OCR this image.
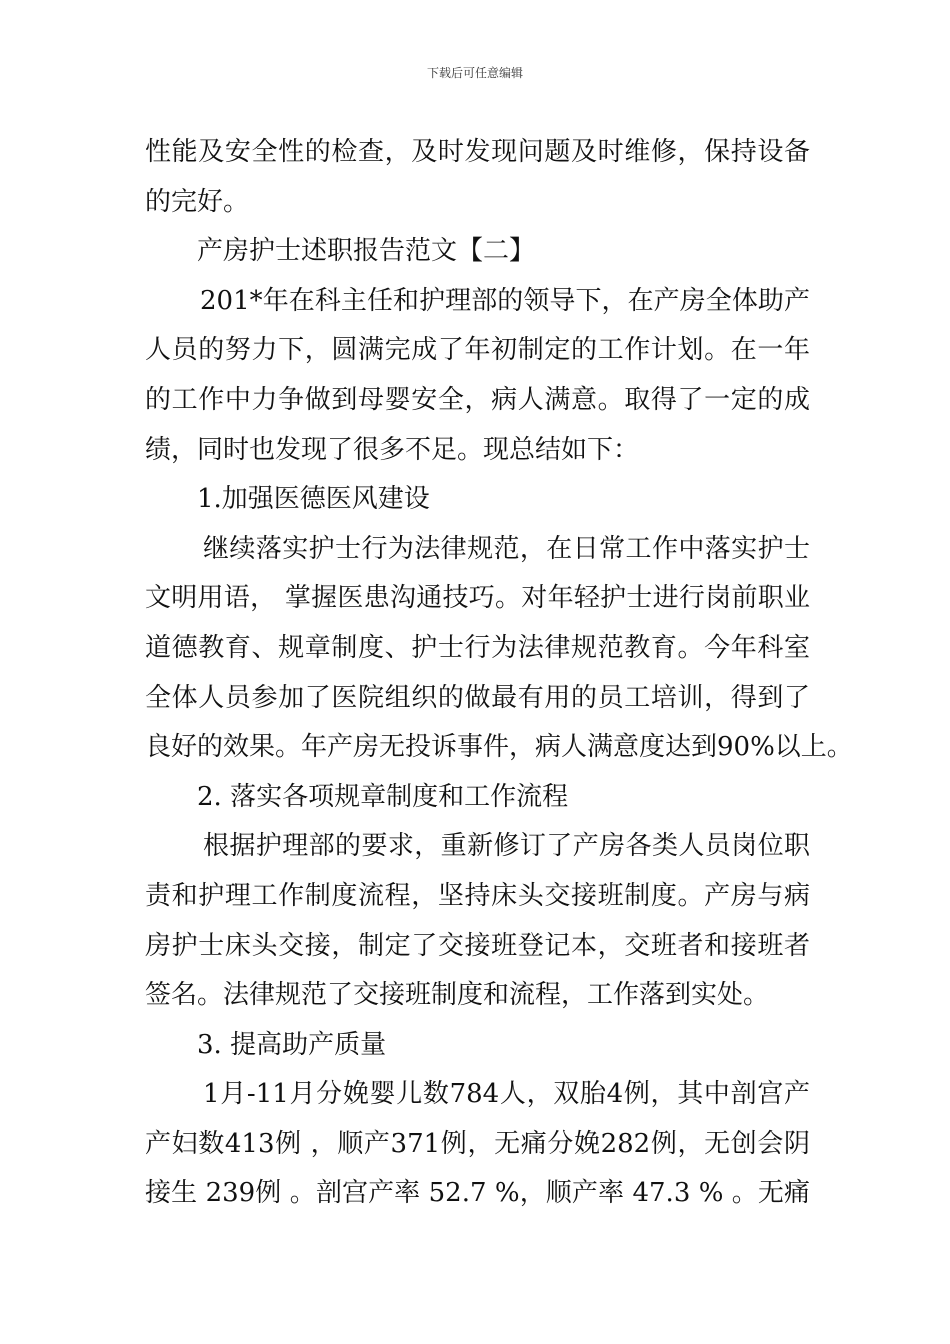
下载后可任意编辑
性能及安全性的检查，及时发现问题及时维修，保持设备
的完好。
产房护士述职报告范文【二】
201*年在科主任和护理部的领导下，在产房全体助产
人员的努力下，圆满完成了年初制定的工作计划。在一年
的工作中力争做到母婴安全，病人满意。取得了一定的成
绩，同时也发现了很多不足。现总结如下：
1.加强医德医风建设
继续落实护士行为法律规范，在日常工作中落实护士
文明用语， 掌握医患沟通技巧。对年轻护士进行岗前职业
道德教育、规章制度、护士行为法律规范教育。今年科室
全体人员参加了医院组织的做最有用的员工培训，得到了
良好的效果。年产房无投诉事件，病人满意度达到90%以上。
2. 落实各项规章制度和工作流程
根据护理部的要求，重新修订了产房各类人员岗位职
责和护理工作制度流程，坚持床头交接班制度。产房与病
房护士床头交接，制定了交接班登记本，交班者和接班者
签名。法律规范了交接班制度和流程，工作落到实处。
3. 提高助产质量
1月-11月分娩婴儿数784人，双胎4例，其中剖宫产
产妇数413例 ，顺产371例，无痛分娩282例，无创会阴
接生 239例 。剖宫产率 52.7 %，顺产率 47.3 % 。无痛
